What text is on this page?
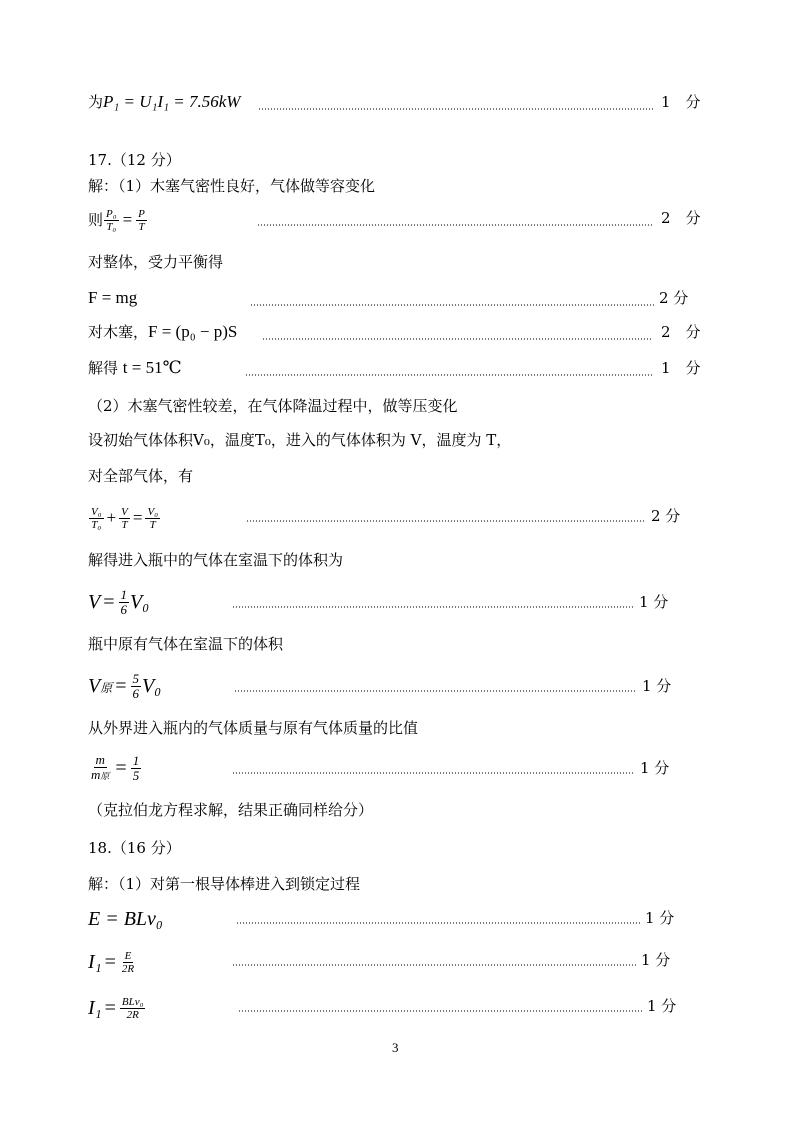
为P₁ = U₁I₁ = 7.56kW	1　分
17.（12 分）
解：（1）木塞气密性良好，气体做等容变化
则 $\frac{\text{P₀}}{\text{T₀}} = \frac{P}{T}$	2　分
对整体，受力平衡得
F = mg	2 分
对木塞，F = (p₀ − p)S	2　分
解得 t = 51℃	1　分
（2）木塞气密性较差，在气体降温过程中，做等压变化
设初始气体体积V₀，温度T₀，进入的气体体积为 V，温度为 T，
对全部气体，有
$\frac{\text{V₀}}{\text{T₀}} + \frac{V}{T} = \frac{\text{V₀}}{T}$	2 分
解得进入瓶中的气体在室温下的体积为
$V = \frac{1}{6} V_0$	1 分
瓶中原有气体在室温下的体积
V 原 = $\frac{5}{6} V_0$	1 分
从外界进入瓶内的气体质量与原有气体质量的比值
$\frac{m}{\text{m原}} = \frac{1}{5}$	1 分
（克拉伯龙方程求解，结果正确同样给分）
18.（16 分）
解：（1）对第一根导体棒进入到锁定过程
E = BLv₀	1 分
$I_1 = \frac{E}{2R}$	1 分
$I_1 = \frac{\text{BLv₀}}{2R}$	1 分
3
